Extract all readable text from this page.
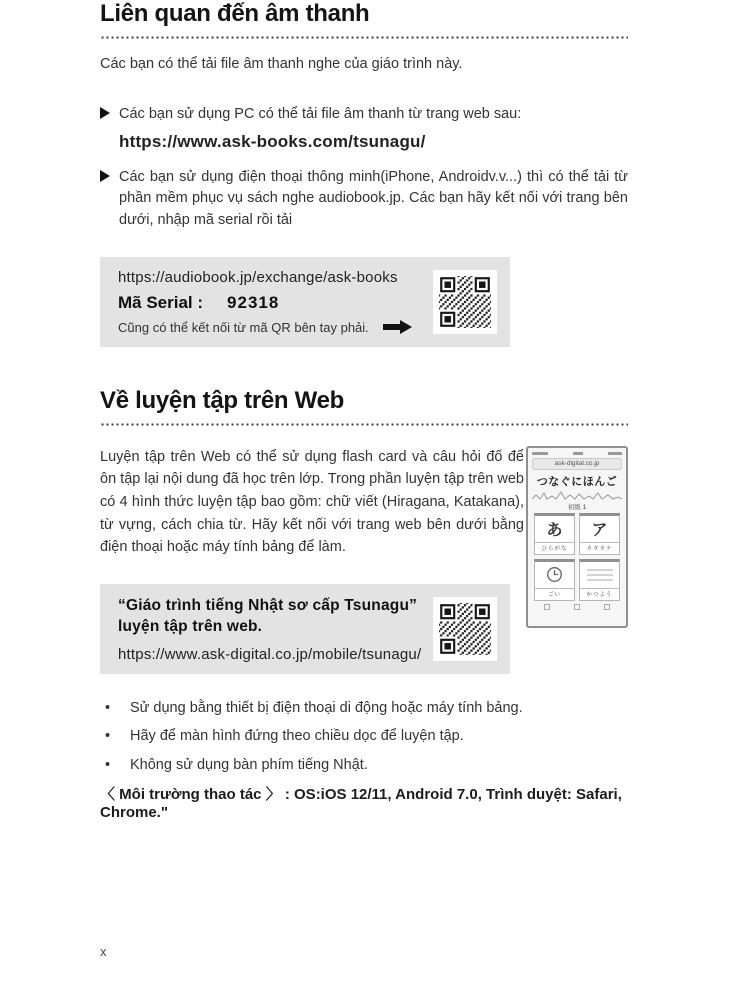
Liên quan đến âm thanh

Các bạn có thể tải file âm thanh nghe của giáo trình này.

Các bạn sử dụng PC có thể tải file âm thanh từ trang web sau:

https://www.ask-books.com/tsunagu/

Các bạn sử dụng điện thoại thông minh(iPhone, Androidv.v...) thì có thể tải từ phần mềm phục vụ sách nghe audiobook.jp. Các bạn hãy kết nối với trang bên dưới, nhập mã serial rồi tải
https://audiobook.jp/exchange/ask-books
Mã Serial : 92318
Cũng có thể kết nối từ mã QR bên tay phải.
Về luyện tập trên Web

Luyện tập trên Web có thể sử dụng flash card và câu hỏi đố để ôn tập lại nội dung đã học trên lớp. Trong phần luyện tập trên web có 4 hình thức luyện tập bao gồm: chữ viết (Hiragana, Katakana), từ vựng, cách chia từ. Hãy kết nối với trang web bên dưới bằng điện thoại hoặc máy tính bảng để làm.

ask-digital.co.jp
つなぐにほんご
初級 1
あ
ひらがな
ア
カタカナ
ごい	かつよう
“Giáo trình tiếng Nhật sơ cấp Tsunagu”
luyện tập trên web.
https://www.ask-digital.co.jp/mobile/tsunagu/
•	Sử dụng bằng thiết bị điện thoại di động hoặc máy tính bảng.
•	Hãy để màn hình đứng theo chiều dọc để luyện tập.
•	Không sử dụng bàn phím tiếng Nhật.

〈 Môi trường thao tác 〉 : OS:iOS 12/11, Android 7.0, Trình duyệt: Safari, Chrome."

x
